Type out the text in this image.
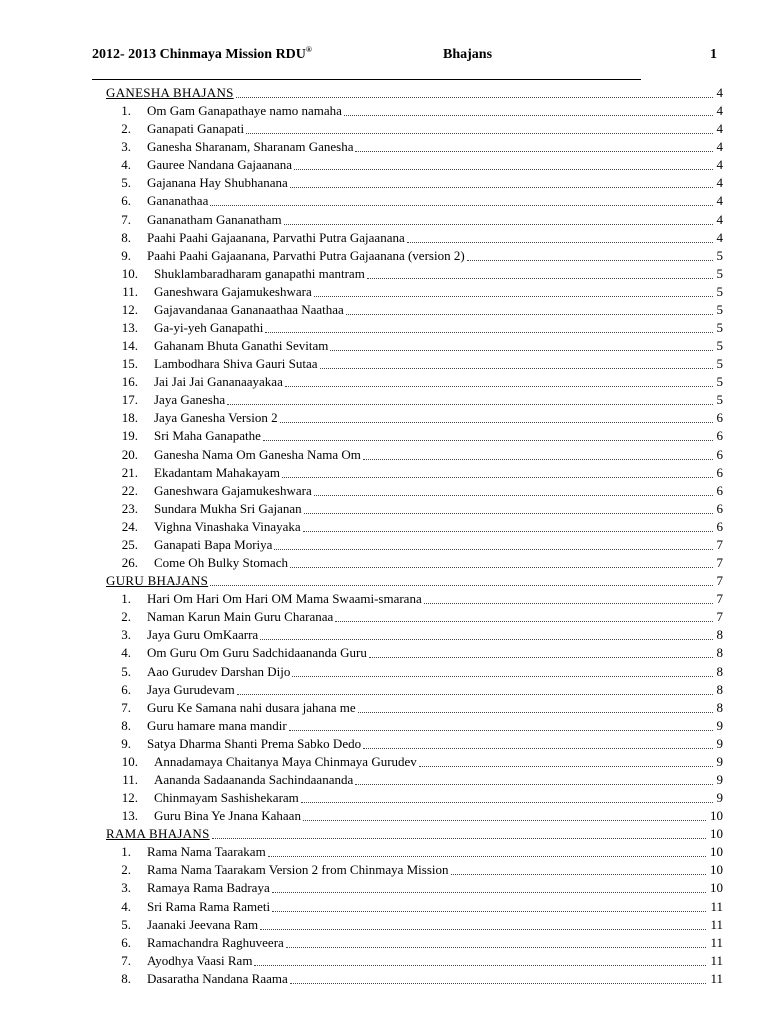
2012- 2013 Chinmaya Mission RDU®	Bhajans	1
GANESHA BHAJANS	4
1. Om Gam Ganapathaye namo namaha	4
2. Ganapati Ganapati	4
3. Ganesha Sharanam, Sharanam Ganesha	4
4. Gauree Nandana Gajaanana	4
5. Gajanana Hay Shubhanana	4
6. Gananathaa	4
7. Gananatham Gananatham	4
8. Paahi Paahi Gajaanana, Parvathi Putra Gajaanana	4
9. Paahi Paahi Gajaanana, Parvathi Putra Gajaanana (version 2)	5
10. Shuklambaradharam ganapathi mantram	5
11. Ganeshwara Gajamukeshwara	5
12. Gajavandanaa Gananaathaa Naathaa	5
13. Ga-yi-yeh Ganapathi	5
14. Gahanam Bhuta Ganathi Sevitam	5
15. Lambodhara Shiva Gauri Sutaa	5
16. Jai Jai Jai Gananaayakaa	5
17. Jaya Ganesha	5
18. Jaya Ganesha Version 2	6
19. Sri Maha Ganapathe	6
20. Ganesha Nama Om Ganesha Nama Om	6
21. Ekadantam Mahakayam	6
22. Ganeshwara Gajamukeshwara	6
23. Sundara Mukha Sri Gajanan	6
24. Vighna Vinashaka Vinayaka	6
25. Ganapati Bapa Moriya	7
26. Come Oh Bulky Stomach	7
GURU BHAJANS	7
1. Hari Om Hari Om Hari OM Mama Swaami-smarana	7
2. Naman Karun Main Guru Charanaa	7
3. Jaya Guru OmKaarra	8
4. Om Guru Om Guru Sadchidaananda Guru	8
5. Aao Gurudev Darshan Dijo	8
6. Jaya Gurudevam	8
7. Guru Ke Samana nahi dusara jahana me	8
8. Guru hamare mana mandir	9
9. Satya Dharma Shanti Prema Sabko Dedo	9
10. Annadamaya Chaitanya Maya Chinmaya Gurudev	9
11. Aananda Sadaananda Sachindaananda	9
12. Chinmayam Sashishekaram	9
13. Guru Bina Ye Jnana Kahaan	10
RAMA BHAJANS	10
1. Rama Nama Taarakam	10
2. Rama Nama Taarakam Version 2 from Chinmaya Mission	10
3. Ramaya Rama Badraya	10
4. Sri Rama Rama Rameti	11
5. Jaanaki Jeevana Ram	11
6. Ramachandra Raghuveera	11
7. Ayodhya Vaasi Ram	11
8. Dasaratha Nandana Raama	11
